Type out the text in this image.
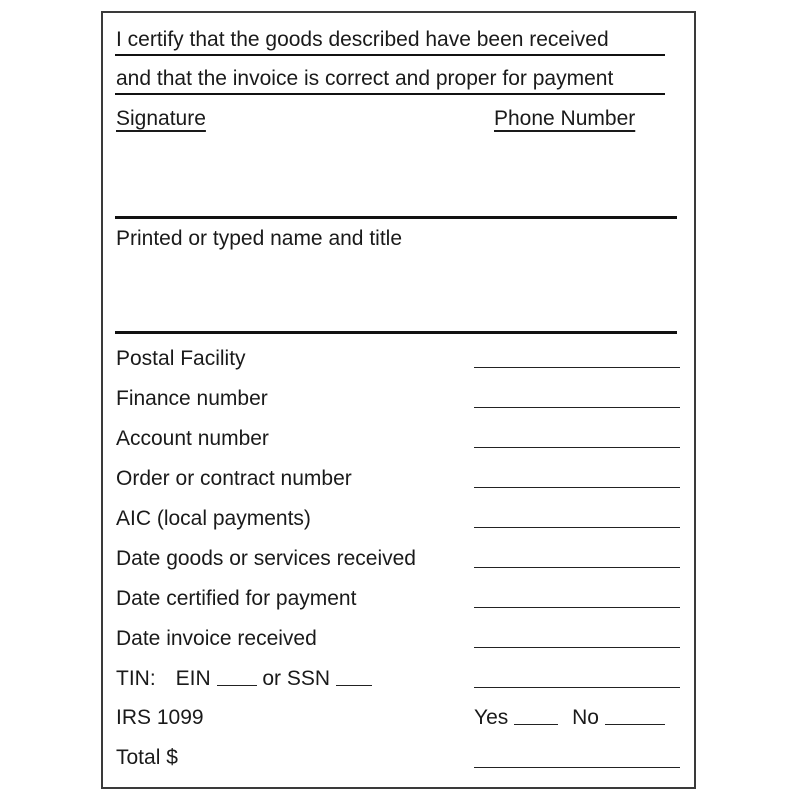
I certify that the goods described have been received

and that the invoice is correct and proper for payment

Signature	Phone Number

Printed or typed name and title

Postal Facility

Finance number

Account number

Order or contract number

AIC (local payments)

Date goods or services received

Date certified for payment

Date invoice received

TIN: EIN or SSN

IRS 1099	Yes	No

Total $
